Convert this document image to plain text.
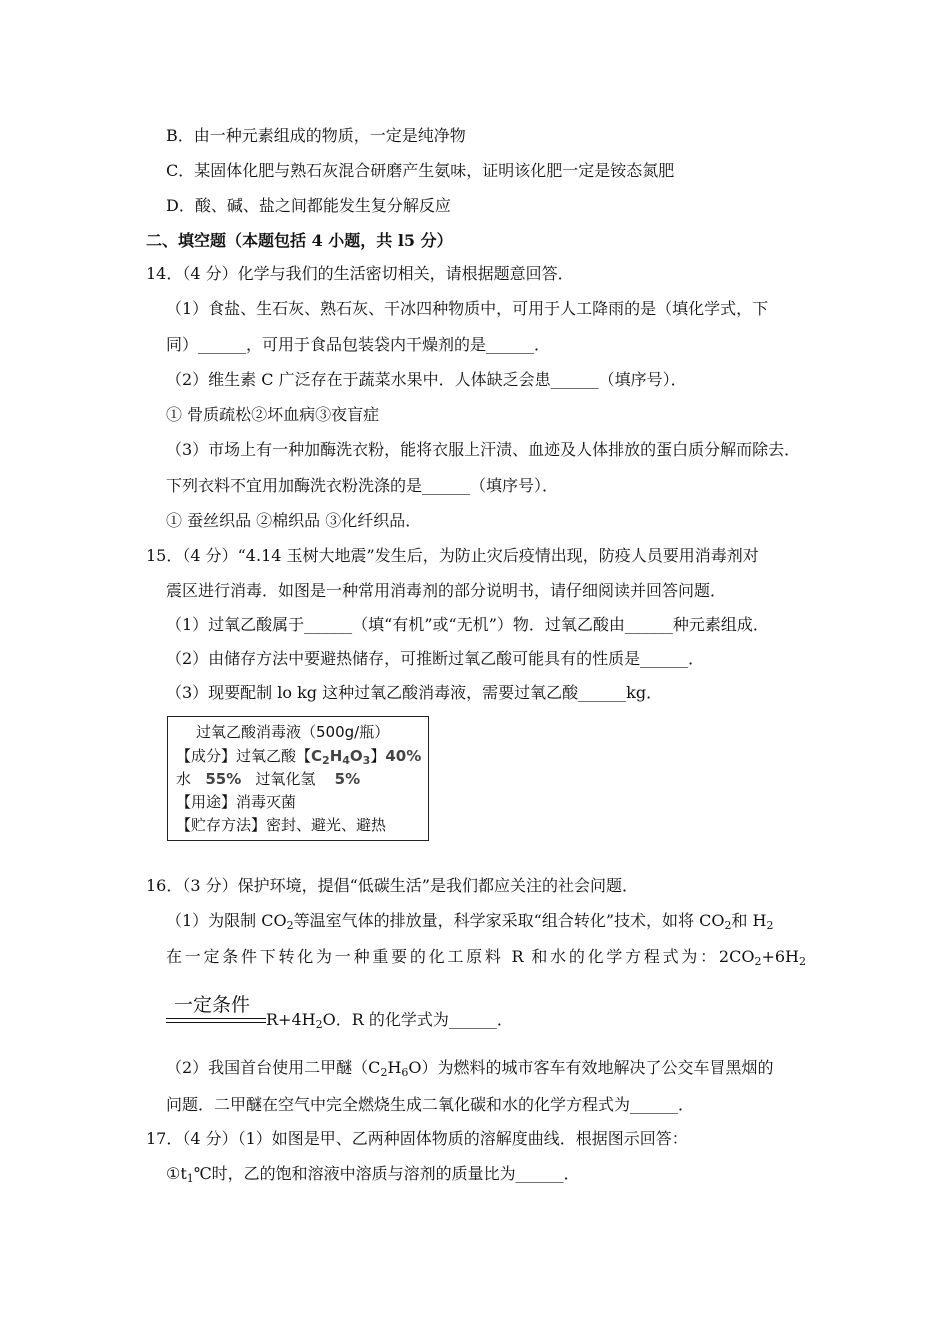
B．由一种元素组成的物质，一定是纯净物
C．某固体化肥与熟石灰混合研磨产生氨味，证明该化肥一定是铵态氮肥
D．酸、碱、盐之间都能发生复分解反应
二、填空题（本题包括 4 小题，共 l5 分）
14．（4 分）化学与我们的生活密切相关，请根据题意回答．
（1）食盐、生石灰、熟石灰、干冰四种物质中，可用于人工降雨的是（填化学式，下
同）______，可用于食品包装袋内干燥剂的是______．
（2）维生素 C 广泛存在于蔬菜水果中．人体缺乏会患______（填序号）．
① 骨质疏松②坏血病③夜盲症
（3）市场上有一种加酶洗衣粉，能将衣服上汗渍、血迹及人体排放的蛋白质分解而除去．
下列衣料不宜用加酶洗衣粉洗涤的是______（填序号）．
① 蚕丝织品 ②棉织品 ③化纤织品．
15．（4 分）“4.14 玉树大地震”发生后，为防止灾后疫情出现，防疫人员要用消毒剂对
震区进行消毒．如图是一种常用消毒剂的部分说明书，请仔细阅读并回答问题．
（1）过氧乙酸属于______（填“有机”或“无机”）物．过氧乙酸由______种元素组成．
（2）由储存方法中要避热储存，可推断过氧乙酸可能具有的性质是______．
（3）现要配制 lo kg 这种过氧乙酸消毒液，需要过氧乙酸______kg．
过氧乙酸消毒液（500g/瓶）
【成分】过氧乙酸【$C_2H_4O_3$】40%
水 55% 过氧化氢 5%
【用途】消毒灭菌
【贮存方法】密封、避光、避热
16．（3 分）保护环境，提倡“低碳生活”是我们都应关注的社会问题．
（1）为限制 $CO_2$等温室气体的排放量，科学家采取“组合转化”技术，如将 $CO_2$和 $H_2$
在一定条件下转化为一种重要的化工原料 R 和水的化学方程式为：$2CO_2+6H_2$
一定条件
$R+4H_2O$．R 的化学式为______．
（2）我国首台使用二甲醚$(C_2H_6O)$为燃料的城市客车有效地解决了公交车冒黑烟的
问题．二甲醚在空气中完全燃烧生成二氧化碳和水的化学方程式为______．
17．（4 分）（1）如图是甲、乙两种固体物质的溶解度曲线．根据图示回答：
$①t_1℃$时，乙的饱和溶液中溶质与溶剂的质量比为______．
